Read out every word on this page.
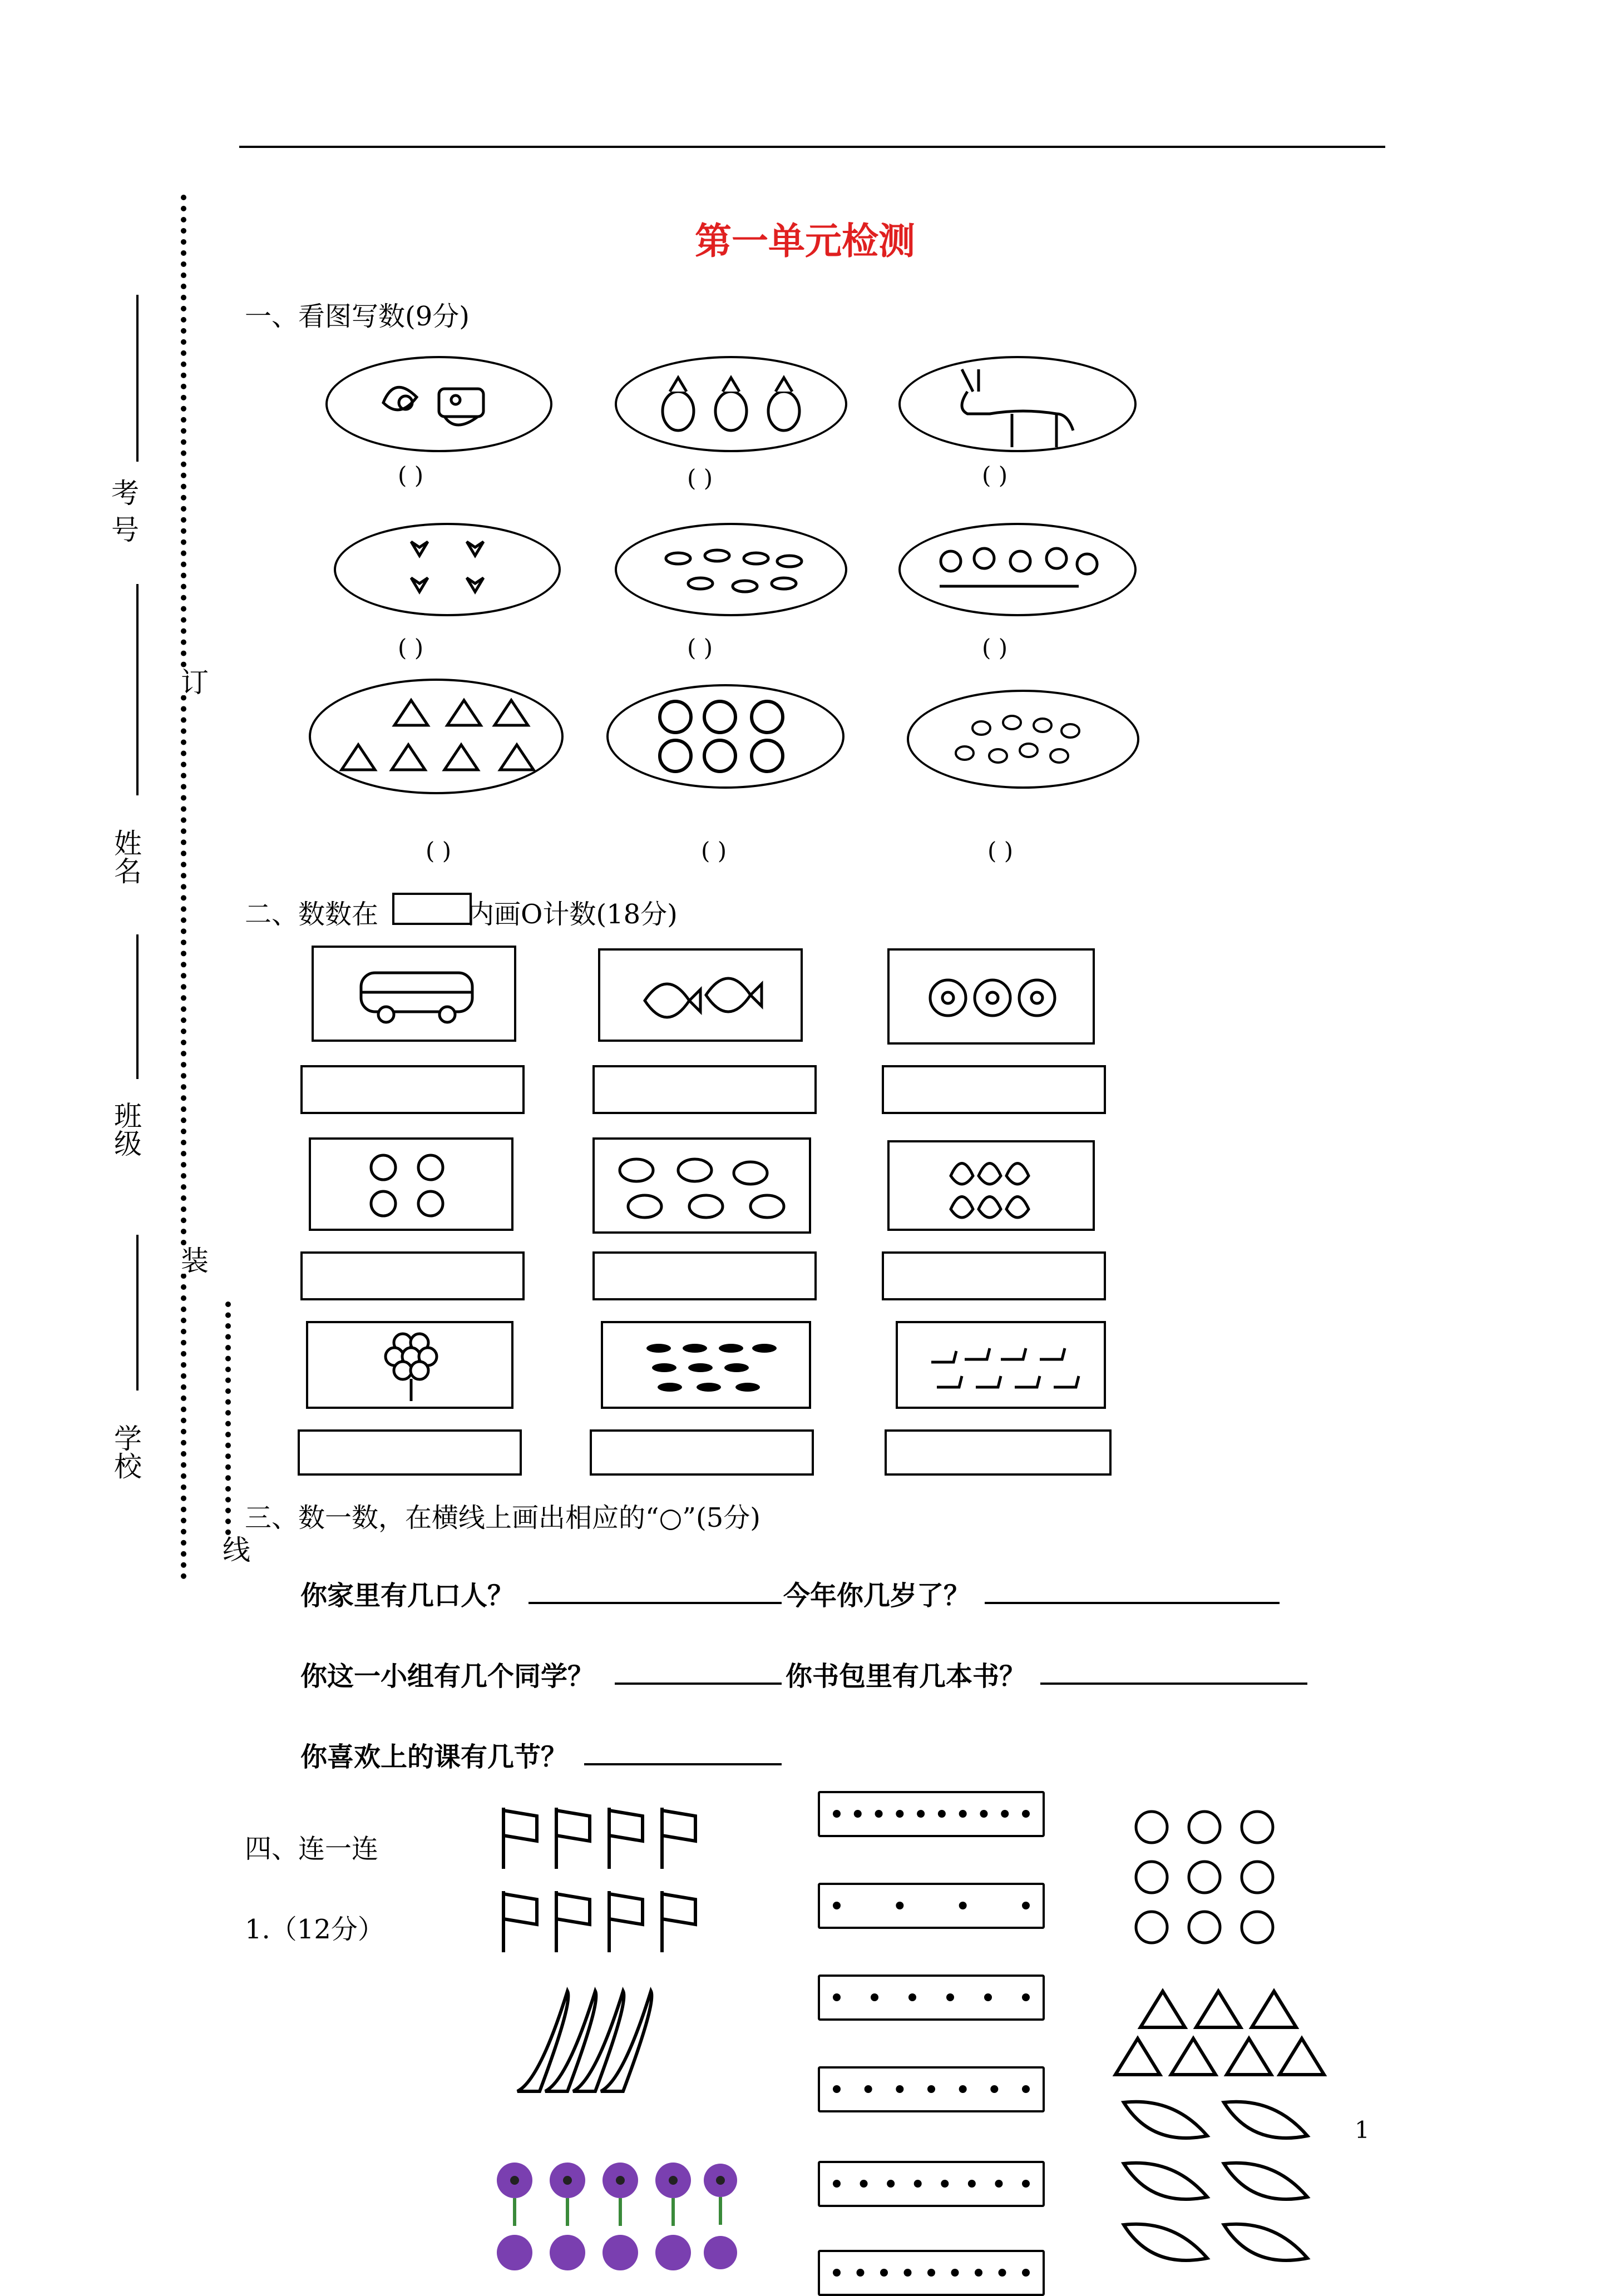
第一单元检测
考 号
姓名
班级
学校
订
装
线
一、看图写数(9分)
( )	( )	( )
( )	( )	( )
( )	( )	( )
二、数数在	内画O计数(18分)
三、数一数，在横线上画出相应的“○”(5分)
你家里有几口人？	今年你几岁了？
你这一小组有几个同学？	你书包里有几本书？
你喜欢上的课有几节？
四、连一连
1.（12分）
1
